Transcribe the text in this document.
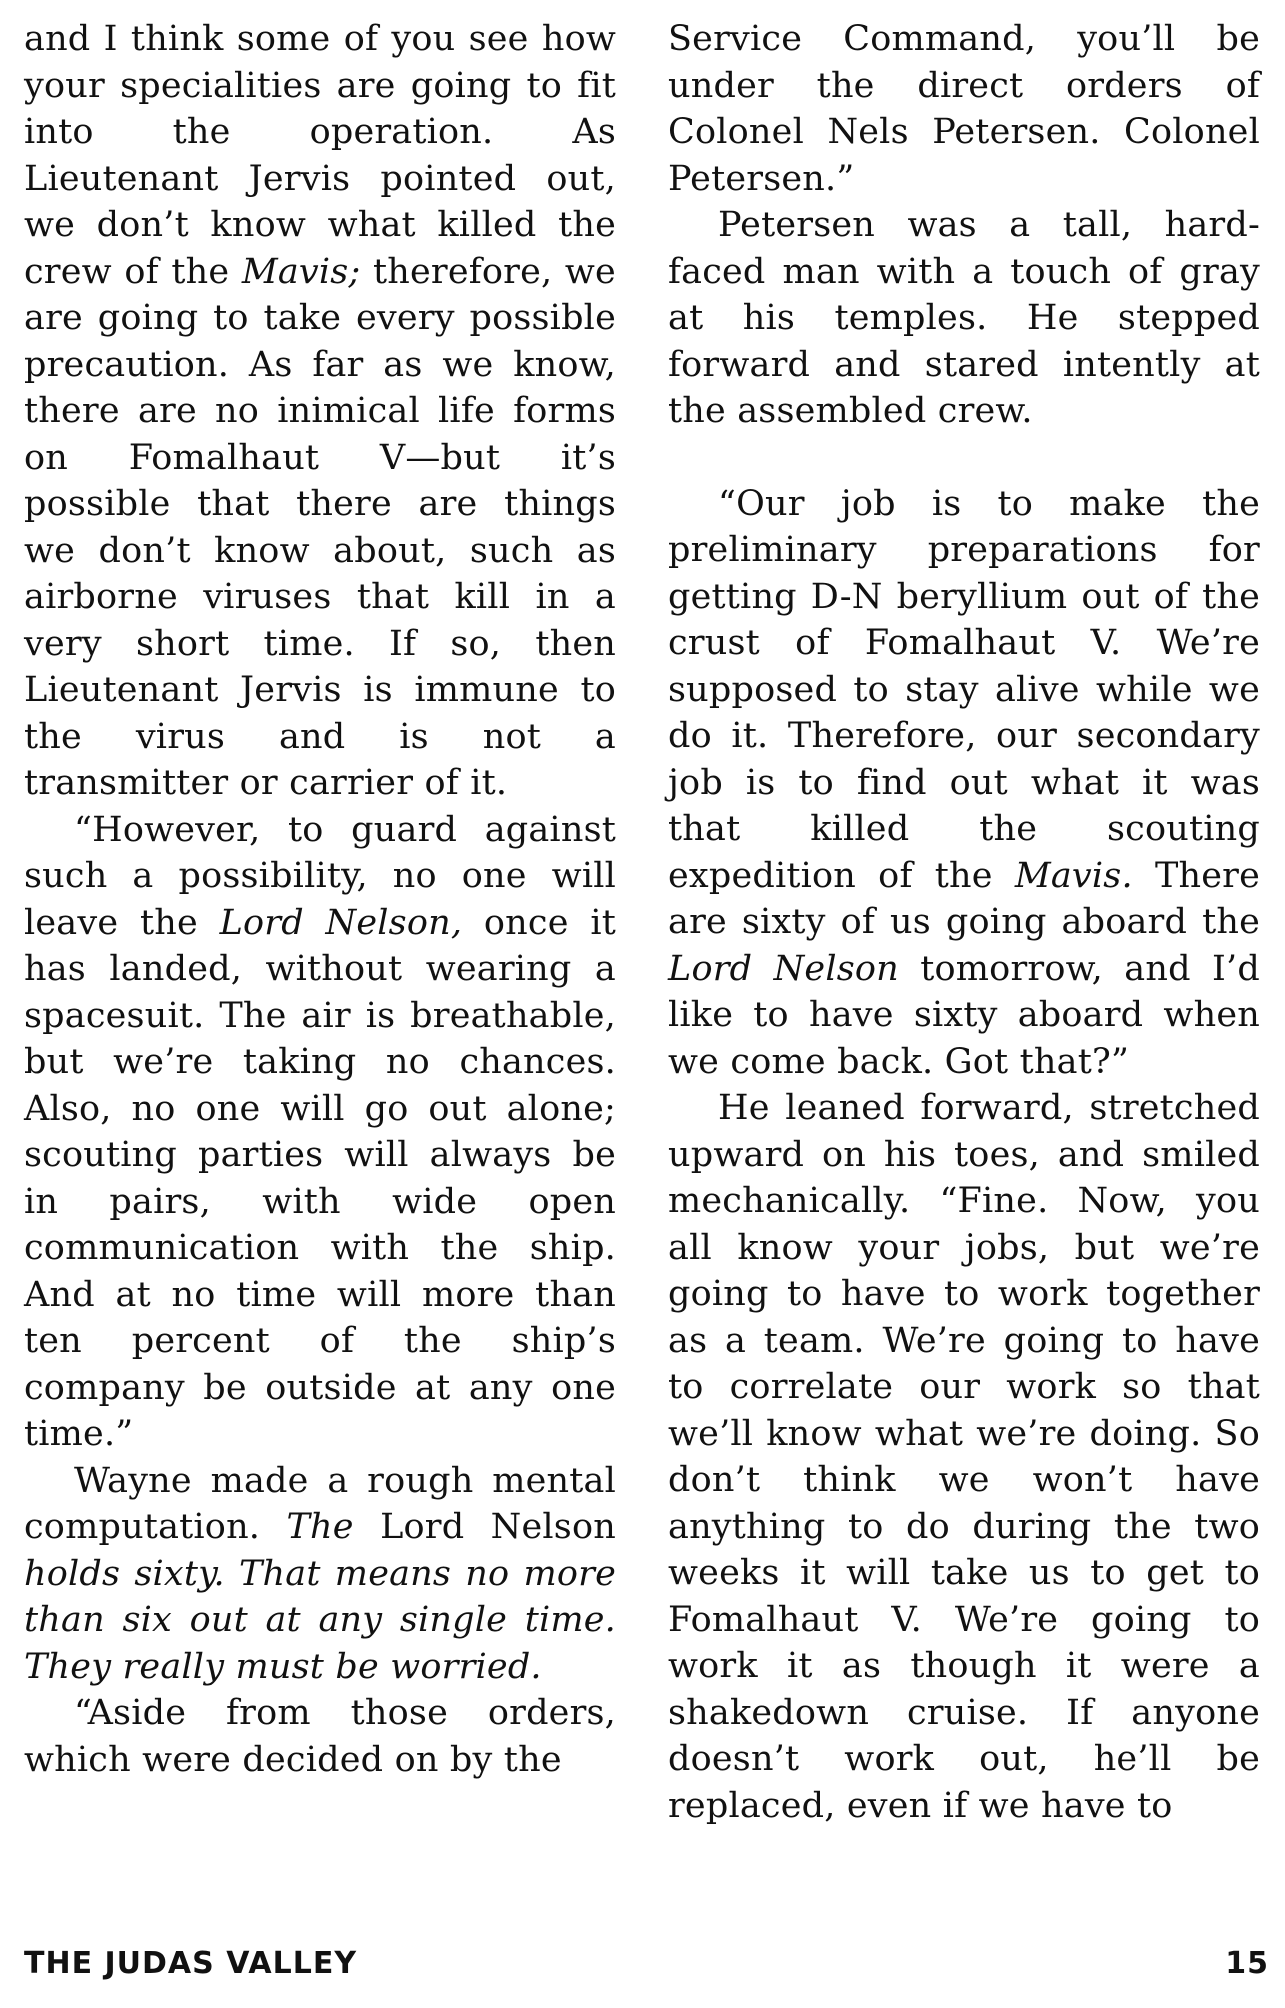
and I think some of you see how your specialities are going to fit into the operation. As Lieutenant Jervis pointed out, we don’t know what killed the crew of the Mavis; therefore, we are going to take every possible precaution. As far as we know, there are no inimical life forms on Fomalhaut V—but it’s possible that there are things we don’t know about, such as airborne viruses that kill in a very short time. If so, then Lieutenant Jervis is immune to the virus and is not a transmitter or carrier of it.

“However, to guard against such a possibility, no one will leave the Lord Nelson, once it has landed, without wearing a spacesuit. The air is breathable, but we’re taking no chances. Also, no one will go out alone; scouting parties will always be in pairs, with wide open communication with the ship. And at no time will more than ten percent of the ship’s company be outside at any one time.”

Wayne made a rough mental computation. The Lord Nelson holds sixty. That means no more than six out at any single time. They really must be worried.

“Aside from those orders, which were decided on by the

Service Command, you’ll be under the direct orders of Colonel Nels Petersen. Colonel Petersen.”

Petersen was a tall, hard-faced man with a touch of gray at his temples. He stepped forward and stared intently at the assembled crew.

“Our job is to make the preliminary preparations for getting D-N beryllium out of the crust of Fomalhaut V. We’re supposed to stay alive while we do it. Therefore, our secondary job is to find out what it was that killed the scouting expedition of the Mavis. There are sixty of us going aboard the Lord Nelson tomorrow, and I’d like to have sixty aboard when we come back. Got that?”

He leaned forward, stretched upward on his toes, and smiled mechanically. “Fine. Now, you all know your jobs, but we’re going to have to work together as a team. We’re going to have to correlate our work so that we’ll know what we’re doing. So don’t think we won’t have anything to do during the two weeks it will take us to get to Fomalhaut V. We’re going to work it as though it were a shakedown cruise. If anyone doesn’t work out, he’ll be replaced, even if we have to

THE JUDAS VALLEY	15
